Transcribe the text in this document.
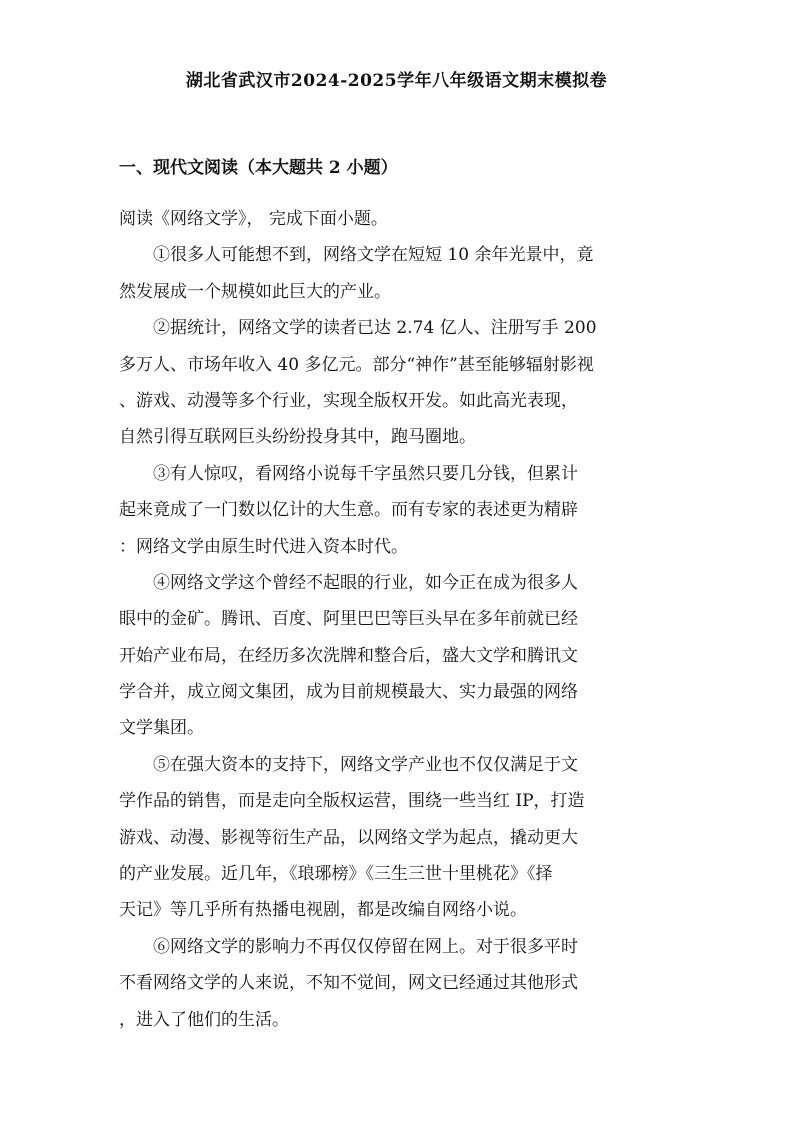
湖北省武汉市2024-2025学年八年级语文期末模拟卷
一、现代文阅读（本大题共 2 小题）
阅读《网络文学》， 完成下面小题。
①很多人可能想不到，网络文学在短短 10 余年光景中，竟
然发展成一个规模如此巨大的产业。
②据统计，网络文学的读者已达 2.74 亿人、注册写手 200
多万人、市场年收入 40 多亿元。部分“神作”甚至能够辐射影视
、游戏、动漫等多个行业，实现全版权开发。如此高光表现，
自然引得互联网巨头纷纷投身其中，跑马圈地。
③有人惊叹，看网络小说每千字虽然只要几分钱，但累计
起来竟成了一门数以亿计的大生意。而有专家的表述更为精辟
：网络文学由原生时代进入资本时代。
④网络文学这个曾经不起眼的行业，如今正在成为很多人
眼中的金矿。腾讯、百度、阿里巴巴等巨头早在多年前就已经
开始产业布局，在经历多次洗牌和整合后，盛大文学和腾讯文
学合并，成立阅文集团，成为目前规模最大、实力最强的网络
文学集团。
⑤在强大资本的支持下，网络文学产业也不仅仅满足于文
学作品的销售，而是走向全版权运营，围绕一些当红 IP，打造
游戏、动漫、影视等衍生产品，以网络文学为起点，撬动更大
的产业发展。近几年，《琅琊榜》《三生三世十里桃花》《择
天记》等几乎所有热播电视剧，都是改编自网络小说。
⑥网络文学的影响力不再仅仅停留在网上。对于很多平时
不看网络文学的人来说，不知不觉间，网文已经通过其他形式
，进入了他们的生活。
